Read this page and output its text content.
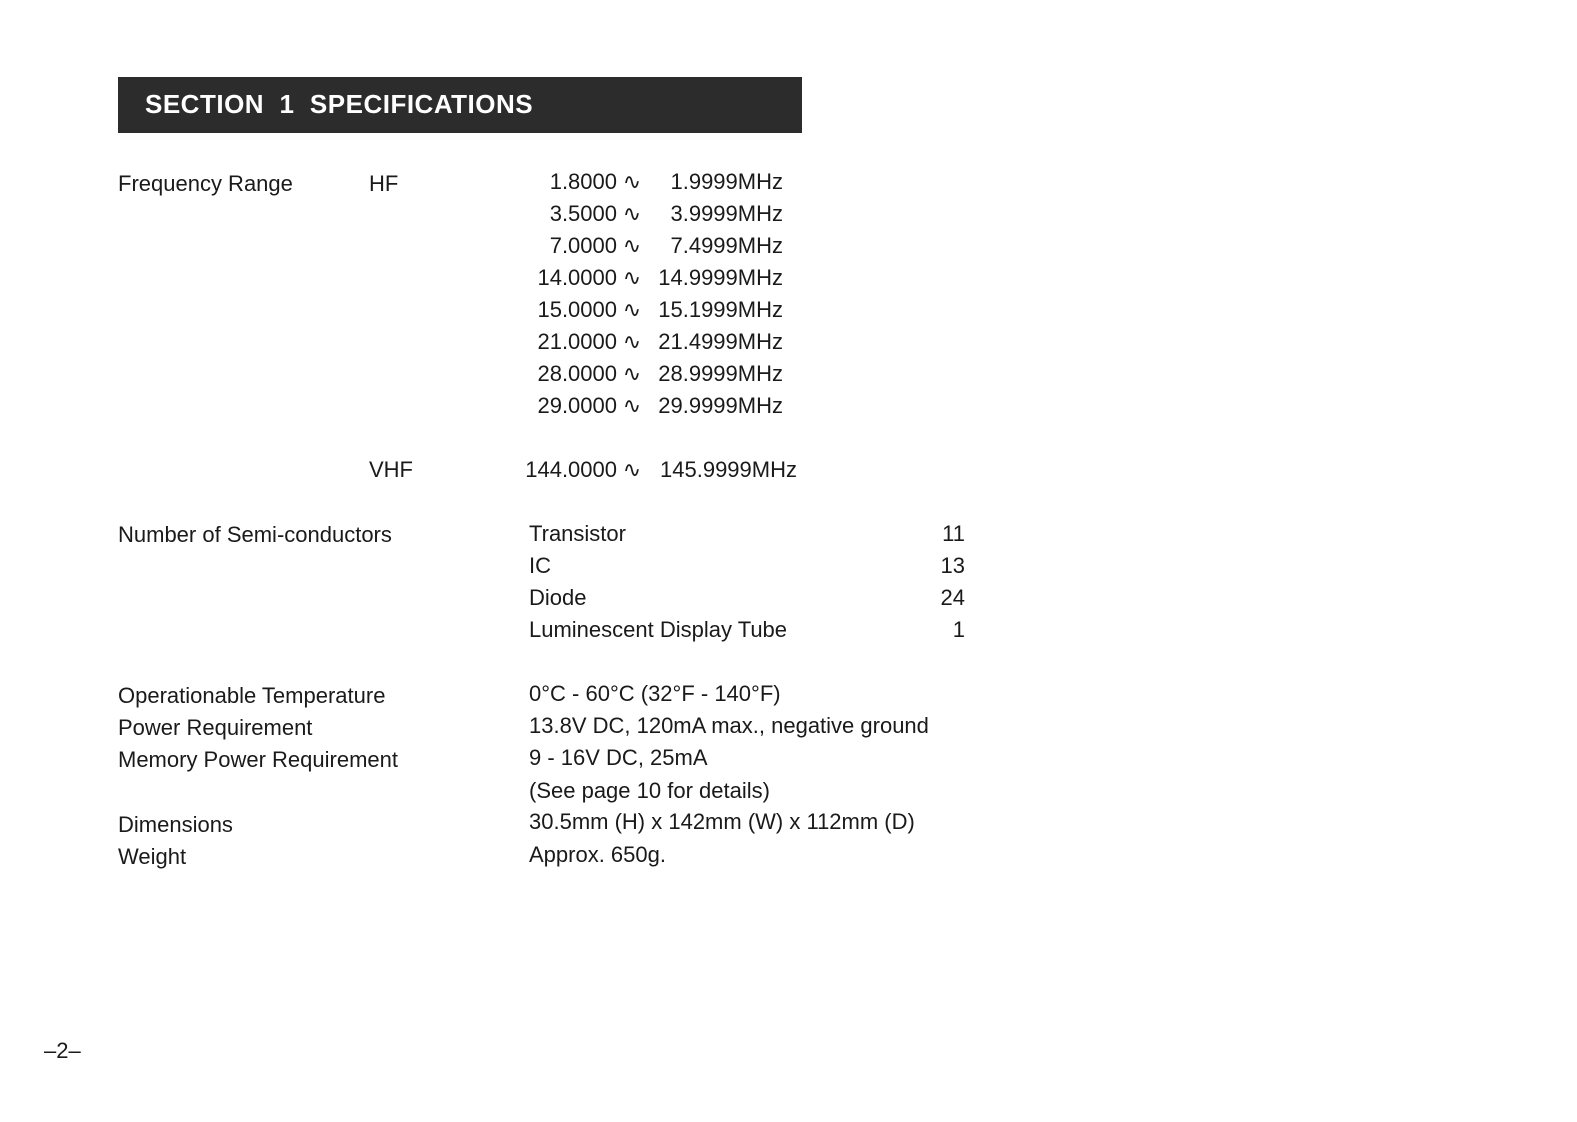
SECTION  1  SPECIFICATIONS
Frequency Range	HF	1.8000 ∿	1.9999MHz
3.5000 ∿	3.9999MHz
7.0000 ∿	7.4999MHz
14.0000 ∿ 14.9999MHz
15.0000 ∿ 15.1999MHz
21.0000 ∿ 21.4999MHz
28.0000 ∿ 28.9999MHz
29.0000 ∿ 29.9999MHz
VHF	144.0000 ∿ 145.9999MHz
Number of Semi-conductors	Transistor	11
IC	13
Diode	24
Luminescent Display Tube	1
Operationable Temperature	0°C - 60°C (32°F - 140°F)
Power Requirement	13.8V DC, 120mA max., negative ground
Memory Power Requirement	9 - 16V DC, 25mA
(See page 10 for details)
Dimensions	30.5mm (H) x 142mm (W) x 112mm (D)
Weight	Approx. 650g.
–2–
